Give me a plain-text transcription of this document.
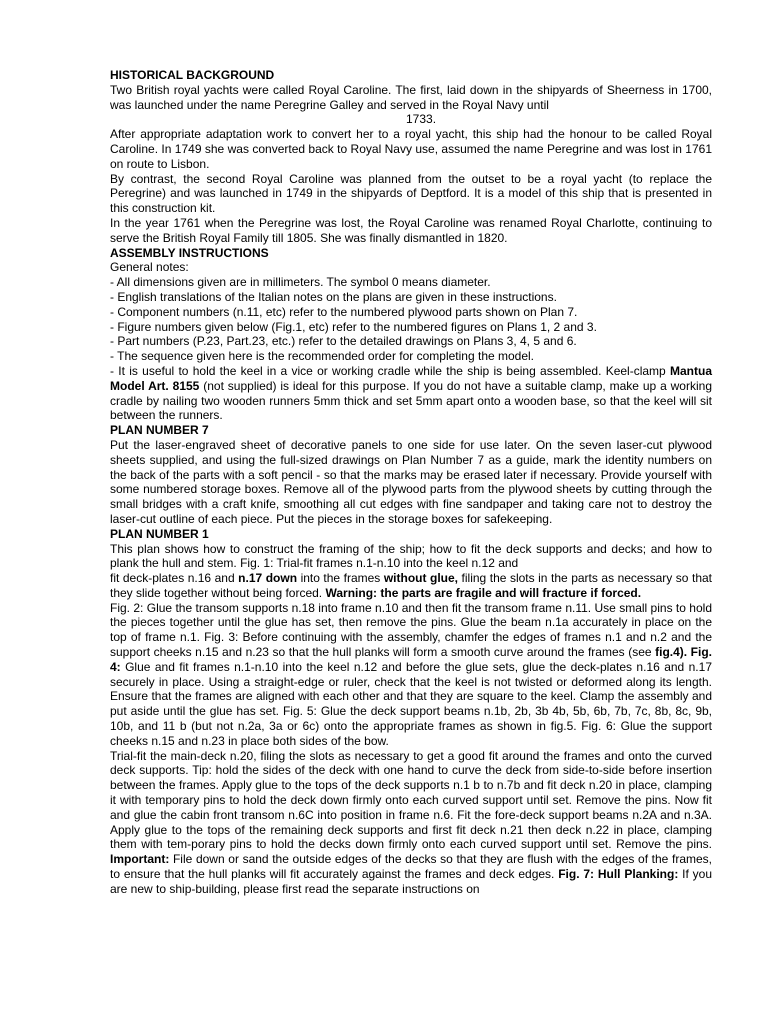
HISTORICAL BACKGROUND
Two British royal yachts were called Royal Caroline. The first, laid down in the shipyards of Sheerness in 1700, was launched under the name Peregrine Galley and served in the Royal Navy until
1733.
After appropriate adaptation work to convert her to a royal yacht, this ship had the honour to be called Royal Caroline. In 1749 she was converted back to Royal Navy use, assumed the name Peregrine and was lost in 1761 on route to Lisbon.
By contrast, the second Royal Caroline was planned from the outset to be a royal yacht (to replace the Peregrine) and was launched in 1749 in the shipyards of Deptford. It is a model of this ship that is presented in this construction kit.
In the year 1761 when the Peregrine was lost, the Royal Caroline was renamed Royal Charlotte, continuing to serve the British Royal Family till 1805. She was finally dismantled in 1820.
ASSEMBLY INSTRUCTIONS
General notes:
- All dimensions given are in millimeters. The symbol 0 means diameter.
- English translations of the Italian notes on the plans are given in these instructions.
- Component numbers (n.11, etc) refer to the numbered plywood parts shown on Plan 7.
- Figure numbers given below (Fig.1, etc) refer to the numbered figures on Plans 1, 2 and 3.
- Part numbers (P.23, Part.23, etc.) refer to the detailed drawings on Plans 3, 4, 5 and 6.
- The sequence given here is the recommended order for completing the model.
- It is useful to hold the keel in a vice or working cradle while the ship is being assembled. Keel-clamp Mantua Model Art. 8155 (not supplied) is ideal for this purpose. If you do not have a suitable clamp, make up a working cradle by nailing two wooden runners 5mm thick and set 5mm apart onto a wooden base, so that the keel will sit between the runners.
PLAN NUMBER 7
Put the laser-engraved sheet of decorative panels to one side for use later. On the seven laser-cut plywood sheets supplied, and using the full-sized drawings on Plan Number 7 as a guide, mark the identity numbers on the back of the parts with a soft pencil - so that the marks may be erased later if necessary. Provide yourself with some numbered storage boxes. Remove all of the plywood parts from the plywood sheets by cutting through the small bridges with a craft knife, smoothing all cut edges with fine sandpaper and taking care not to destroy the laser-cut outline of each piece. Put the pieces in the storage boxes for safekeeping.
PLAN NUMBER 1
This plan shows how to construct the framing of the ship; how to fit the deck supports and decks; and how to plank the hull and stem. Fig. 1: Trial-fit frames n.1-n.10 into the keel n.12 and
fit deck-plates n.16 and n.17 down into the frames without glue, filing the slots in the parts as necessary so that they slide together without being forced. Warning: the parts are fragile and will fracture if forced.
Fig. 2: Glue the transom supports n.18 into frame n.10 and then fit the transom frame n.11. Use small pins to hold the pieces together until the glue has set, then remove the pins. Glue the beam n.1a accurately in place on the top of frame n.1. Fig. 3: Before continuing with the assembly, chamfer the edges of frames n.1 and n.2 and the support cheeks n.15 and n.23 so that the hull planks will form a smooth curve around the frames (see fig.4). Fig. 4: Glue and fit frames n.1-n.10 into the keel n.12 and before the glue sets, glue the deck-plates n.16 and n.17 securely in place. Using a straight-edge or ruler, check that the keel is not twisted or deformed along its length. Ensure that the frames are aligned with each other and that they are square to the keel. Clamp the assembly and put aside until the glue has set. Fig. 5: Glue the deck support beams n.1b, 2b, 3b 4b, 5b, 6b, 7b, 7c, 8b, 8c, 9b, 10b, and 11 b (but not n.2a, 3a or 6c) onto the appropriate frames as shown in fig.5. Fig. 6: Glue the support cheeks n.15 and n.23 in place both sides of the bow.
Trial-fit the main-deck n.20, filing the slots as necessary to get a good fit around the frames and onto the curved deck supports. Tip: hold the sides of the deck with one hand to curve the deck from side-to-side before insertion between the frames. Apply glue to the tops of the deck supports n.1 b to n.7b and fit deck n.20 in place, clamping it with temporary pins to hold the deck down firmly onto each curved support until set. Remove the pins. Now fit and glue the cabin front transom n.6C into position in frame n.6. Fit the fore-deck support beams n.2A and n.3A. Apply glue to the tops of the remaining deck supports and first fit deck n.21 then deck n.22 in place, clamping them with tem-porary pins to hold the decks down firmly onto each curved support until set. Remove the pins. Important: File down or sand the outside edges of the decks so that they are flush with the edges of the frames, to ensure that the hull planks will fit accurately against the frames and deck edges. Fig. 7: Hull Planking: If you are new to ship-building, please first read the separate instructions on
